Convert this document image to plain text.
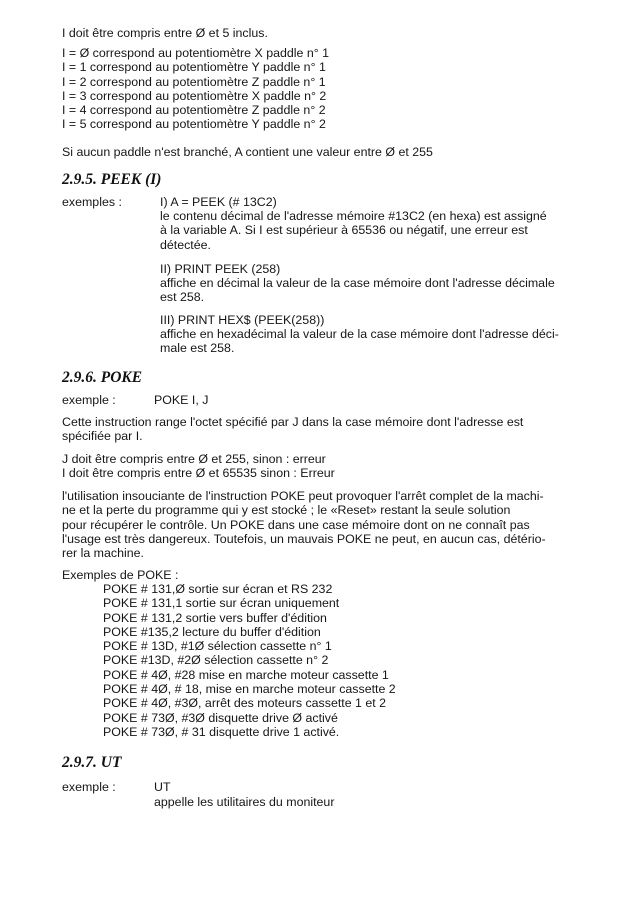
I doit être compris entre Ø et 5 inclus.
I = Ø correspond au potentiomètre X paddle n° 1
I = 1 correspond au potentiomètre Y paddle n° 1
I = 2 correspond au potentiomètre Z paddle n° 1
I = 3 correspond au potentiomètre X paddle n° 2
I = 4 correspond au potentiomètre Z paddle n° 2
I = 5 correspond au potentiomètre Y paddle n° 2
Si aucun paddle n'est branché, A contient une valeur entre Ø et 255
2.9.5. PEEK (I)
exemples :	I) A = PEEK (# 13C2)
le contenu décimal de l'adresse mémoire #13C2 (en hexa) est assigné
à la variable A. Si I est supérieur à 65536 ou négatif, une erreur est
détectée.
II) PRINT PEEK (258)
affiche en décimal la valeur de la case mémoire dont l'adresse décimale
est 258.
III) PRINT HEX$ (PEEK(258))
affiche en hexadécimal la valeur de la case mémoire dont l'adresse déci-
male est 258.
2.9.6. POKE
exemple :	POKE I, J
Cette instruction range l'octet spécifié par J dans la case mémoire dont l'adresse est
spécifiée par I.
J doit être compris entre Ø et 255, sinon : erreur
I doit être compris entre Ø et 65535 sinon : Erreur
l'utilisation insouciante de l'instruction POKE peut provoquer l'arrêt complet de la machi-
ne et la perte du programme qui y est stocké ; le «Reset» restant la seule solution
pour récupérer le contrôle. Un POKE dans une case mémoire dont on ne connaît pas
l'usage est très dangereux. Toutefois, un mauvais POKE ne peut, en aucun cas, détério-
rer la machine.
Exemples de POKE :
POKE # 131,Ø sortie sur écran et RS 232
POKE # 131,1 sortie sur écran uniquement
POKE # 131,2 sortie vers buffer d'édition
POKE #135,2 lecture du buffer d'édition
POKE # 13D, #1Ø sélection cassette n° 1
POKE #13D, #2Ø sélection cassette n° 2
POKE # 4Ø, #28 mise en marche moteur cassette 1
POKE # 4Ø, # 18, mise en marche moteur cassette 2
POKE # 4Ø, #3Ø, arrêt des moteurs cassette 1 et 2
POKE # 73Ø, #3Ø disquette drive Ø activé
POKE # 73Ø, # 31 disquette drive 1 activé.
2.9.7. UT
exemple :	UT
appelle les utilitaires du moniteur
